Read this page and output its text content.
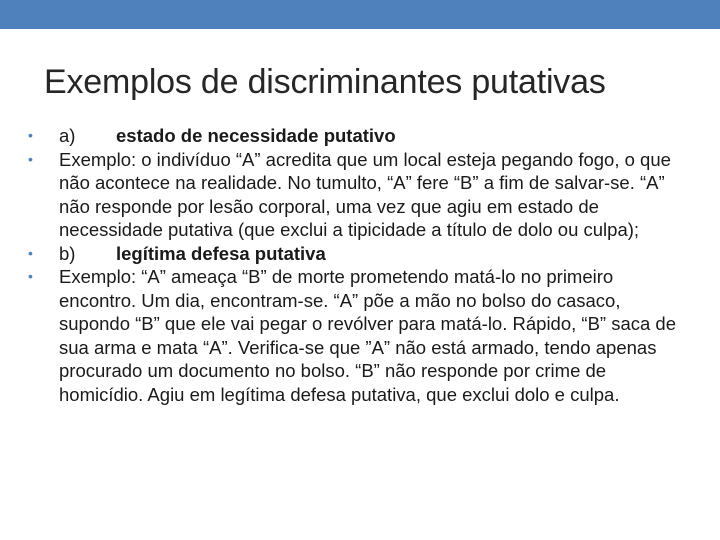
Exemplos de discriminantes putativas
•	a) estado de necessidade putativo
•	Exemplo: o indivíduo “A” acredita que um local esteja pegando fogo, o que não acontece na realidade. No tumulto, “A” fere “B” a fim de salvar-se. “A” não responde por lesão corporal, uma vez que agiu em estado de necessidade putativa (que exclui a tipicidade a título de dolo ou culpa);
•	b) legítima defesa putativa
•	Exemplo: “A” ameaça “B” de morte prometendo matá-lo no primeiro encontro. Um dia, encontram-se. “A” põe a mão no bolso do casaco, supondo “B” que ele vai pegar o revólver para matá-lo. Rápido, “B” saca de sua arma e mata “A”. Verifica-se que ”A” não está armado, tendo apenas procurado um documento no bolso. “B” não responde por crime de homicídio. Agiu em legítima defesa putativa, que exclui dolo e culpa.
